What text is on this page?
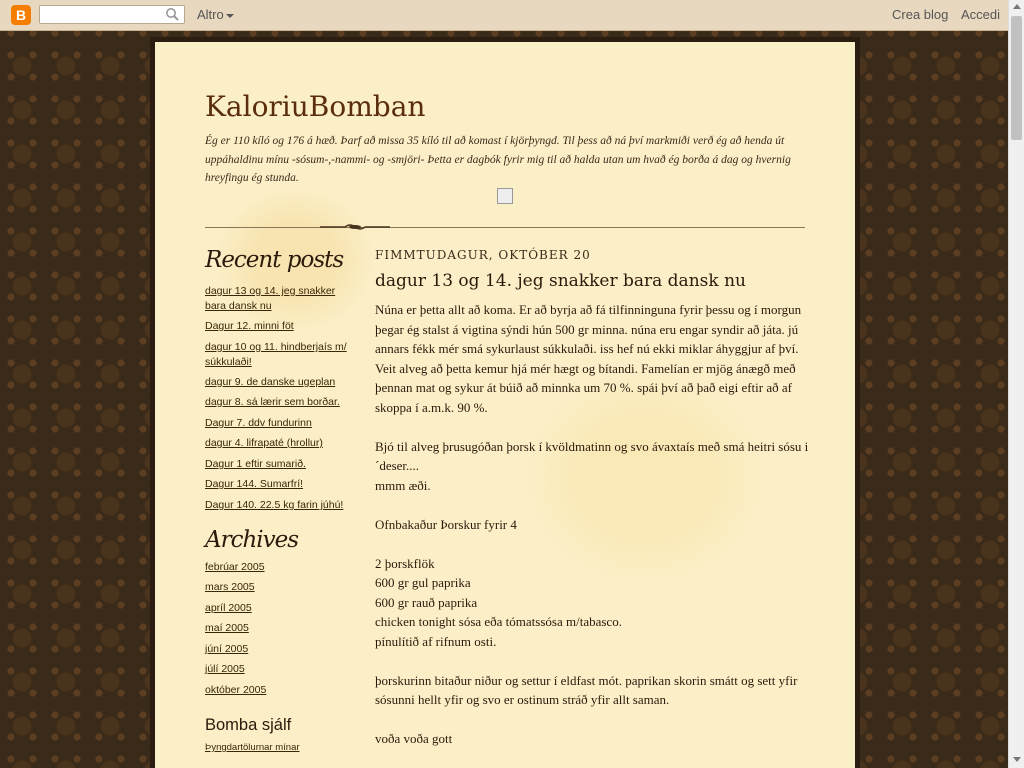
B	Altro	Crea blog Accedi
KaloriuBomban
Ég er 110 kíló og 176 á hæð. Þarf að missa 35 kíló til að komast í kjörþyngd. Til þess að ná því markmiði verð ég að henda út uppáhaldinu mínu -sósum-,-nammi- og -smjöri- Þetta er dagbók fyrir mig til að halda utan um hvað ég borða á dag og hvernig hreyfingu ég stunda.
Recent posts
dagur 13 og 14. jeg snakker bara dansk nu
Dagur 12. minni föt
dagur 10 og 11. hindberjaís m/ súkkulaði!
dagur 9. de danske ugeplan
dagur 8. sá lærir sem borðar.
Dagur 7. ddv fundurinn
dagur 4. lifrapaté (hrollur)
Dagur 1 eftir sumarið.
Dagur 144. Sumarfrí!
Dagur 140. 22.5 kg farin júhú!
Archives
febrúar 2005
mars 2005
apríl 2005
maí 2005
júní 2005
júlí 2005
október 2005
Bomba sjálf
Þyngdartölurnar mínar
FIMMTUDAGUR, OKTÓBER 20
dagur 13 og 14. jeg snakker bara dansk nu

Núna er þetta allt að koma. Er að byrja að fá tilfinninguna fyrir þessu og í morgun þegar ég stalst á vigtina sýndi hún 500 gr minna. núna eru engar syndir að játa. jú annars fékk mér smá sykurlaust súkkulaði. iss hef nú ekki miklar áhyggjur af því. Veit alveg að þetta kemur hjá mér hægt og bítandi. Famelían er mjög ánægð með þennan mat og sykur át búið að minnka um 70 %. spái því að það eigi eftir að af skoppa í a.m.k. 90 %.

Bjó til alveg þrusugóðan þorsk í kvöldmatinn og svo ávaxtaís með smá heitri sósu i´deser....

mmm æði.

Ofnbakaður Þorskur fyrir 4

2 þorskflök

600 gr gul paprika

600 gr rauð paprika

chicken tonight sósa eða tómatssósa m/tabasco.

pínulítið af rifnum osti.

þorskurinn bitaður niður og settur í eldfast mót. paprikan skorin smátt og sett yfir sósunni hellt yfir og svo er ostinum stráð yfir allt saman.

voða voða gott
